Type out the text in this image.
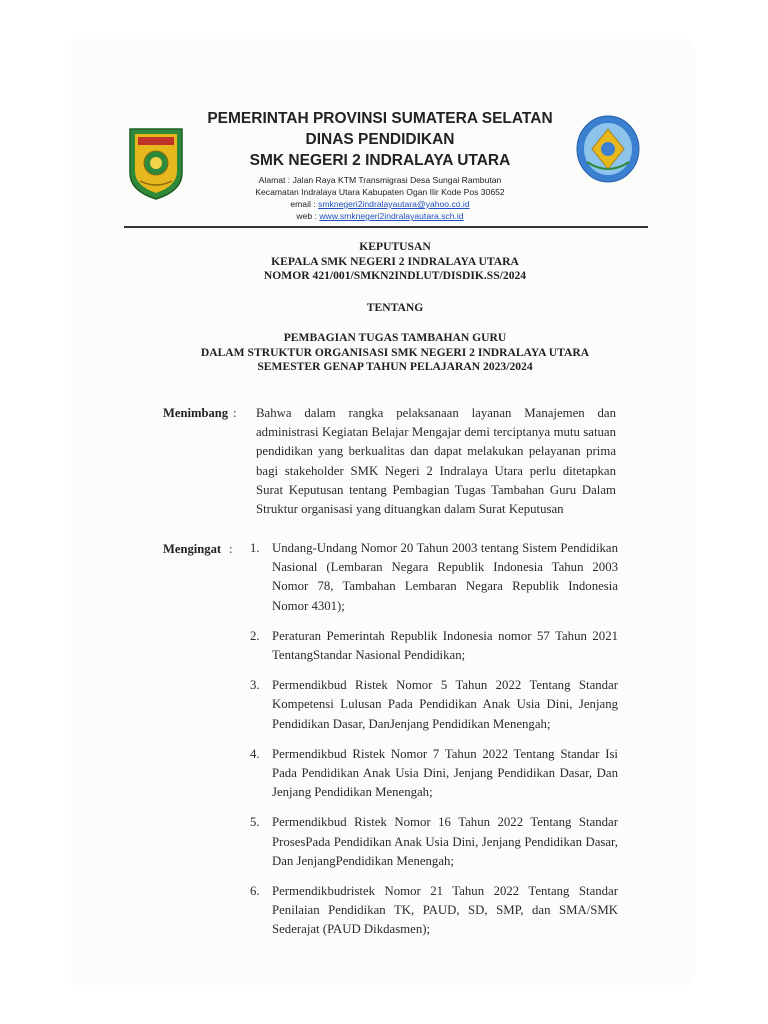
PEMERINTAH PROVINSI SUMATERA SELATAN
DINAS PENDIDIKAN
SMK NEGERI 2 INDRALAYA UTARA
Alamat : Jalan Raya KTM Transmigrasi Desa Sungai Rambutan
Kecamatan Indralaya Utara Kabupaten Ogan Ilir Kode Pos 30652
email : smknegeri2indralayautara@yahoo.co.id
web : www.smknegeri2indralayautara.sch.id
KEPUTUSAN
KEPALA SMK NEGERI 2 INDRALAYA UTARA
NOMOR 421/001/SMKN2INDLUT/DISDIK.SS/2024
TENTANG
PEMBAGIAN TUGAS TAMBAHAN GURU
DALAM STRUKTUR ORGANISASI SMK NEGERI 2 INDRALAYA UTARA
SEMESTER GENAP TAHUN PELAJARAN 2023/2024
Menimbang : Bahwa dalam rangka pelaksanaan layanan Manajemen dan administrasi Kegiatan Belajar Mengajar demi terciptanya mutu satuan pendidikan yang berkualitas dan dapat melakukan pelayanan prima bagi stakeholder SMK Negeri 2 Indralaya Utara perlu ditetapkan Surat Keputusan tentang Pembagian Tugas Tambahan Guru Dalam Struktur organisasi yang dituangkan dalam Surat Keputusan
Mengingat : 1. Undang-Undang Nomor 20 Tahun 2003 tentang Sistem Pendidikan Nasional (Lembaran Negara Republik Indonesia Tahun 2003 Nomor 78, Tambahan Lembaran Negara Republik Indonesia Nomor 4301);
2. Peraturan Pemerintah Republik Indonesia nomor 57 Tahun 2021 TentangStandar Nasional Pendidikan;
3. Permendikbud Ristek Nomor 5 Tahun 2022 Tentang Standar Kompetensi Lulusan Pada Pendidikan Anak Usia Dini, Jenjang Pendidikan Dasar, DanJenjang Pendidikan Menengah;
4. Permendikbud Ristek Nomor 7 Tahun 2022 Tentang Standar Isi Pada Pendidikan Anak Usia Dini, Jenjang Pendidikan Dasar, Dan Jenjang Pendidikan Menengah;
5. Permendikbud Ristek Nomor 16 Tahun 2022 Tentang Standar ProsesPada Pendidikan Anak Usia Dini, Jenjang Pendidikan Dasar, Dan JenjangPendidikan Menengah;
6. Permendikbudristek Nomor 21 Tahun 2022 Tentang Standar Penilaian Pendidikan TK, PAUD, SD, SMP, dan SMA/SMK Sederajat (PAUD Dikdasmen);
